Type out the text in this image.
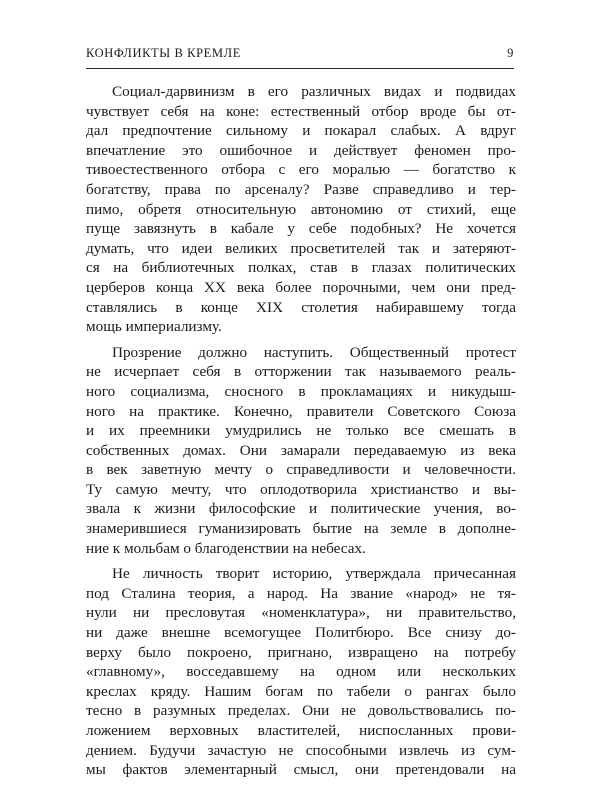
КОНФЛИКТЫ В КРЕМЛЕ	9
Социал-дарвинизм в его различных видах и подвидах
чувствует себя на коне: естественный отбор вроде бы от-
дал предпочтение сильному и покарал слабых. А вдруг
впечатление это ошибочное и действует феномен про-
тивоестественного отбора с его моралью — богатство к
богатству, права по арсеналу? Разве справедливо и тер-
пимо, обретя относительную автономию от стихий, еще
пуще завязнуть в кабале у себе подобных? Не хочется
думать, что идеи великих просветителей так и затеряют-
ся на библиотечных полках, став в глазах политических
церберов конца XX века более порочными, чем они пред-
ставлялись в конце XIX столетия набиравшему тогда
мощь империализму.
Прозрение должно наступить. Общественный протест
не исчерпает себя в отторжении так называемого реаль-
ного социализма, сносного в прокламациях и никудыш-
ного на практике. Конечно, правители Советского Союза
и их преемники умудрились не только все смешать в
собственных домах. Они замарали передаваемую из века
в век заветную мечту о справедливости и человечности.
Ту самую мечту, что оплодотворила христианство и вы-
звала к жизни философские и политические учения, во-
знамерившиеся гуманизировать бытие на земле в дополне-
ние к мольбам о благоденствии на небесах.
Не личность творит историю, утверждала причесанная
под Сталина теория, а народ. На звание «народ» не тя-
нули ни пресловутая «номенклатура», ни правительство,
ни даже внешне всемогущее Политбюро. Все снизу до-
верху было покроено, пригнано, извращено на потребу
«главному», восседавшему на одном или нескольких
креслах кряду. Нашим богам по табели о рангах было
тесно в разумных пределах. Они не довольствовались по-
ложением верховных властителей, ниспосланных прови-
дением. Будучи зачастую не способными извлечь из сум-
мы фактов элементарный смысл, они претендовали на
